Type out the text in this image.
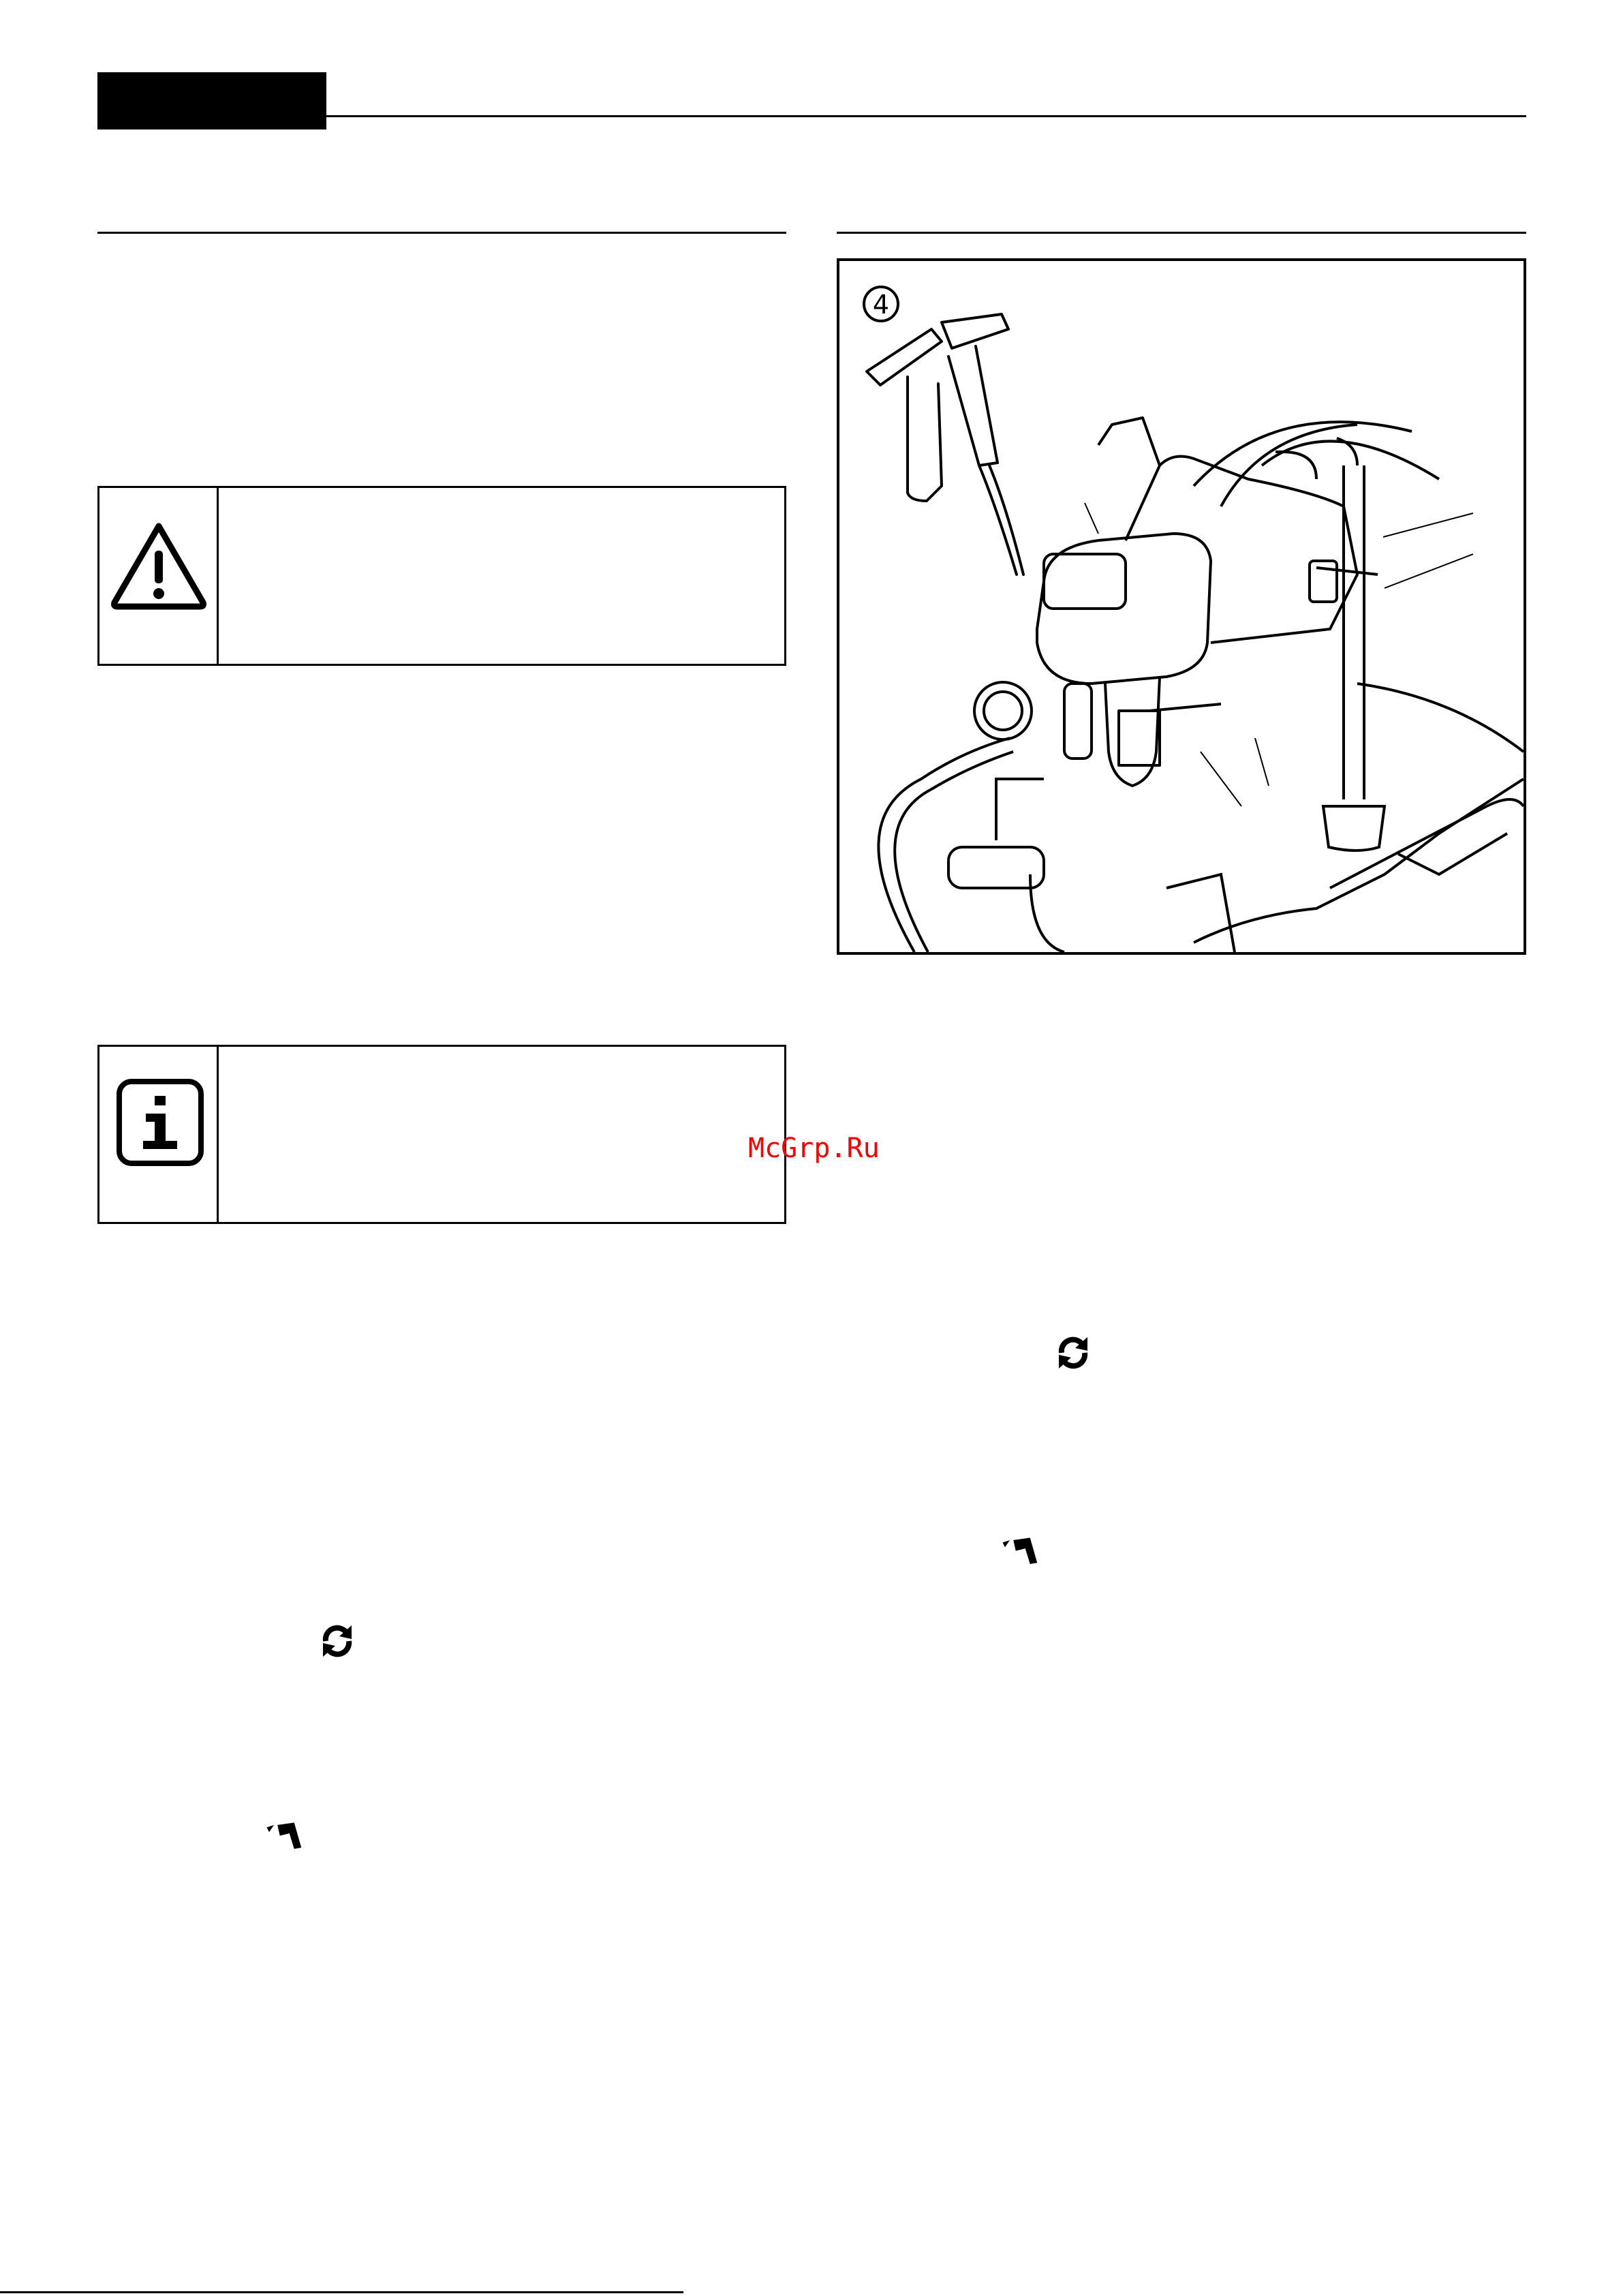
4
McGrp.Ru
